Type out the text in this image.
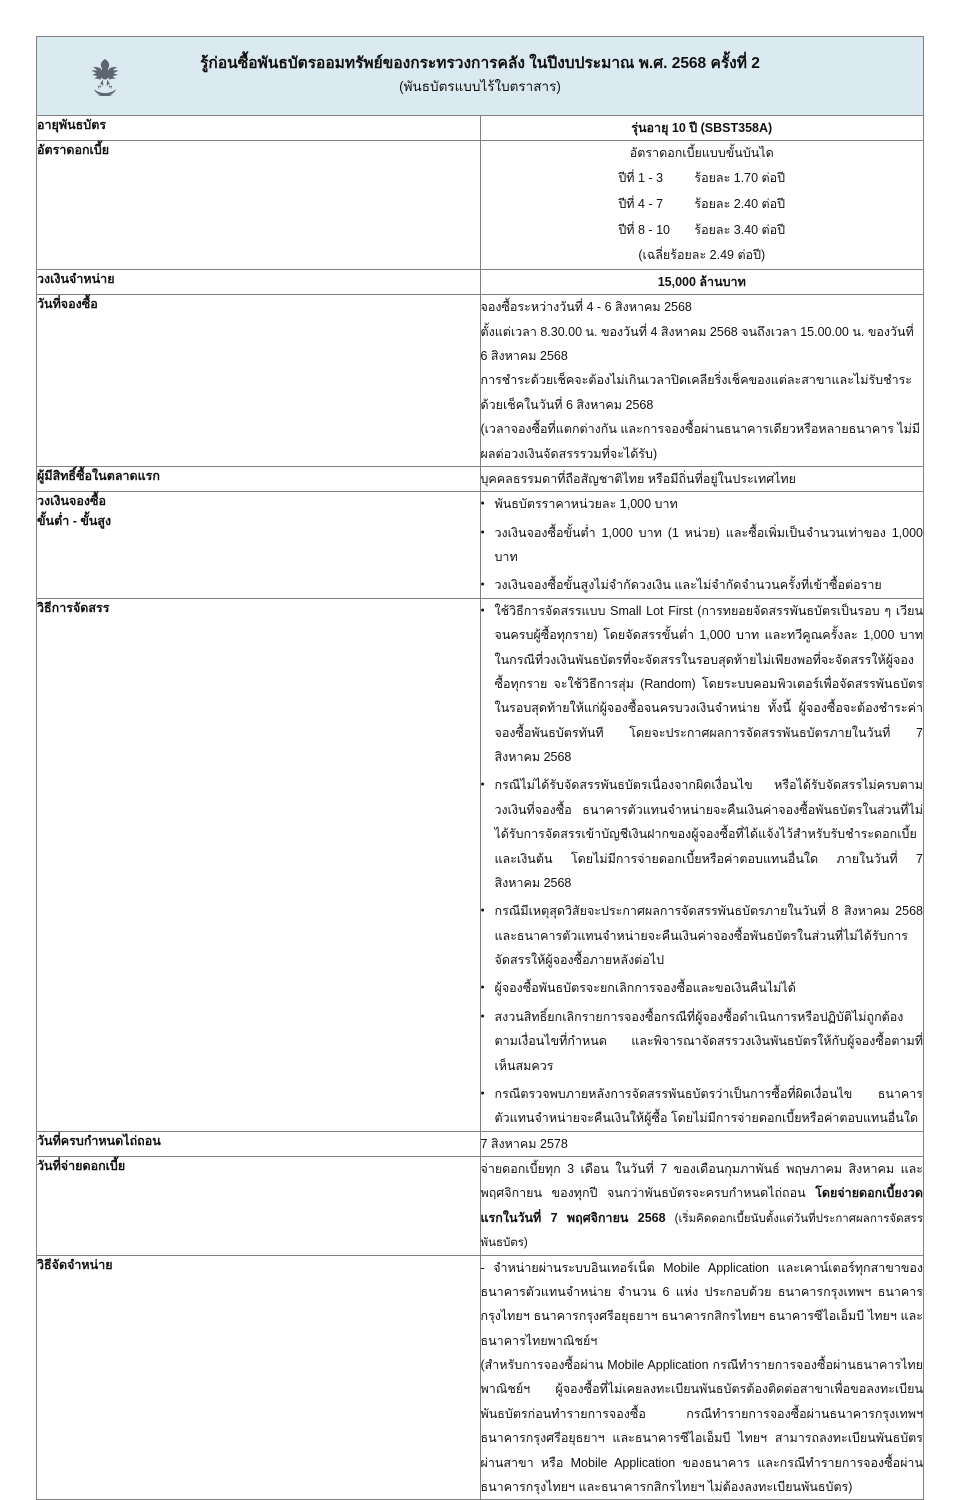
รู้ก่อนซื้อพันธบัตรออมทรัพย์ของกระทรวงการคลัง ในปีงบประมาณ พ.ศ. 2568 ครั้งที่ 2
(พันธบัตรแบบไร้ใบตราสาร)	

อายุพันธบัตร	รุ่นอายุ 10 ปี (SBST358A)
อัตราดอกเบี้ย	อัตราดอกเบี้ยแบบขั้นบันได
ปีที่ 1 - 3	ร้อยละ 1.70 ต่อปี
ปีที่ 4 - 7	ร้อยละ 2.40 ต่อปี
ปีที่ 8 - 10	ร้อยละ 3.40 ต่อปี
(เฉลี่ยร้อยละ 2.49 ต่อปี)

วงเงินจำหน่าย	15,000 ล้านบาท
วันที่จองซื้อ	จองซื้อระหว่างวันที่ 4 - 6 สิงหาคม 2568
ตั้งแต่เวลา 8.30.00 น. ของวันที่ 4 สิงหาคม 2568 จนถึงเวลา 15.00.00 น. ของวันที่ 6 สิงหาคม 2568
การชำระด้วยเช็คจะต้องไม่เกินเวลาปิดเคลียริ่งเช็คของแต่ละสาขาและไม่รับชำระด้วยเช็คในวันที่ 6 สิงหาคม 2568
(เวลาจองซื้อที่แตกต่างกัน และการจองซื้อผ่านธนาคารเดียวหรือหลายธนาคาร ไม่มีผลต่อวงเงินจัดสรรรวมที่จะได้รับ)

ผู้มีสิทธิ์ซื้อในตลาดแรก	บุคคลธรรมดาที่ถือสัญชาติไทย หรือมีถิ่นที่อยู่ในประเทศไทย

วงเงินจองซื้อ
ขั้นต่ำ - ขั้นสูง

● พันธบัตรราคาหน่วยละ 1,000 บาท
● วงเงินจองซื้อขั้นต่ำ 1,000 บาท (1 หน่วย) และซื้อเพิ่มเป็นจำนวนเท่าของ 1,000 บาท
● วงเงินจองซื้อขั้นสูงไม่จำกัดวงเงิน และไม่จำกัดจำนวนครั้งที่เข้าซื้อต่อราย

วิธีการจัดสรร	
●ใช้วิธีการจัดสรรแบบ Small Lot First (การทยอยจัดสรรพันธบัตรเป็นรอบ ๆ เวียนจนครบผู้ซื้อทุกราย) โดยจัดสรรขั้นต่ำ 1,000 บาท และทวีคูณครั้งละ 1,000 บาท ในกรณีที่วงเงินพันธบัตรที่จะจัดสรรในรอบสุดท้ายไม่เพียงพอที่จะจัดสรรให้ผู้จองซื้อทุกราย จะใช้วิธีการสุ่ม (Random) โดยระบบคอมพิวเตอร์เพื่อจัดสรรพันธบัตรในรอบสุดท้ายให้แก่ผู้จองซื้อจนครบวงเงินจำหน่าย ทั้งนี้ ผู้จองซื้อจะต้องชำระค่าจองซื้อพันธบัตรทันที โดยจะประกาศผลการจัดสรรพันธบัตรภายในวันที่ 7 สิงหาคม 2568
● กรณีไม่ได้รับจัดสรรพันธบัตรเนื่องจากผิดเงื่อนไข หรือได้รับจัดสรรไม่ครบตามวงเงินที่จองซื้อ ธนาคารตัวแทนจำหน่ายจะคืนเงินค่าจองซื้อพันธบัตรในส่วนที่ไม่ได้รับการจัดสรรเข้าบัญชีเงินฝากของผู้จองซื้อที่ได้แจ้งไว้สำหรับรับชำระดอกเบี้ยและเงินต้น โดยไม่มีการจ่ายดอกเบี้ยหรือค่าตอบแทนอื่นใด ภายในวันที่ 7 สิงหาคม 2568
● กรณีมีเหตุสุดวิสัยจะประกาศผลการจัดสรรพันธบัตรภายในวันที่ 8 สิงหาคม 2568 และธนาคารตัวแทนจำหน่ายจะคืนเงินค่าจองซื้อพันธบัตรในส่วนที่ไม่ได้รับการจัดสรรให้ผู้จองซื้อภายหลังต่อไป
● ผู้จองซื้อพันธบัตรจะยกเลิกการจองซื้อและขอเงินคืนไม่ได้
● สงวนสิทธิ์ยกเลิกรายการจองซื้อกรณีที่ผู้จองซื้อดำเนินการหรือปฏิบัติไม่ถูกต้องตามเงื่อนไขที่กำหนด และพิจารณาจัดสรรวงเงินพันธบัตรให้กับผู้จองซื้อตามที่เห็นสมควร
● กรณีตรวจพบภายหลังการจัดสรรพันธบัตรว่าเป็นการซื้อที่ผิดเงื่อนไข ธนาคารตัวแทนจำหน่ายจะคืนเงินให้ผู้ซื้อ โดยไม่มีการจ่ายดอกเบี้ยหรือค่าตอบแทนอื่นใด

วันที่ครบกำหนดไถ่ถอน	7 สิงหาคม 2578
วันที่จ่ายดอกเบี้ย	จ่ายดอกเบี้ยทุก 3 เดือน ในวันที่ 7 ของเดือนกุมภาพันธ์ พฤษภาคม สิงหาคม และพฤศจิกายน ของทุกปี จนกว่าพันธบัตรจะครบกำหนดไถ่ถอน โดยจ่ายดอกเบี้ยงวดแรกในวันที่ 7 พฤศจิกายน 2568 (เริ่มคิดดอกเบี้ยนับตั้งแต่วันที่ประกาศผลการจัดสรรพันธบัตร)

วิธีจัดจำหน่าย	- จำหน่ายผ่านระบบอินเทอร์เน็ต Mobile Application และเคาน์เตอร์ทุกสาขาของธนาคารตัวแทนจำหน่าย จำนวน 6 แห่ง ประกอบด้วย ธนาคารกรุงเทพฯ ธนาคารกรุงไทยฯ ธนาคารกรุงศรีอยุธยาฯ ธนาคารกสิกรไทยฯ ธนาคารซีไอเอ็มบี ไทยฯ และธนาคารไทยพาณิชย์ฯ
(สำหรับการจองซื้อผ่าน Mobile Application กรณีทำรายการจองซื้อผ่านธนาคารไทยพาณิชย์ฯ ผู้จองซื้อที่ไม่เคยลงทะเบียนพันธบัตรต้องติดต่อสาขาเพื่อขอลงทะเบียนพันธบัตรก่อนทำรายการจองซื้อ กรณีทำรายการจองซื้อผ่านธนาคารกรุงเทพฯ ธนาคารกรุงศรีอยุธยาฯ และธนาคารซีไอเอ็มบี ไทยฯ สามารถลงทะเบียนพันธบัตรผ่านสาขา หรือ Mobile Application ของธนาคาร และกรณีทำรายการจองซื้อผ่านธนาคารกรุงไทยฯ และธนาคารกสิกรไทยฯ ไม่ต้องลงทะเบียนพันธบัตร)
